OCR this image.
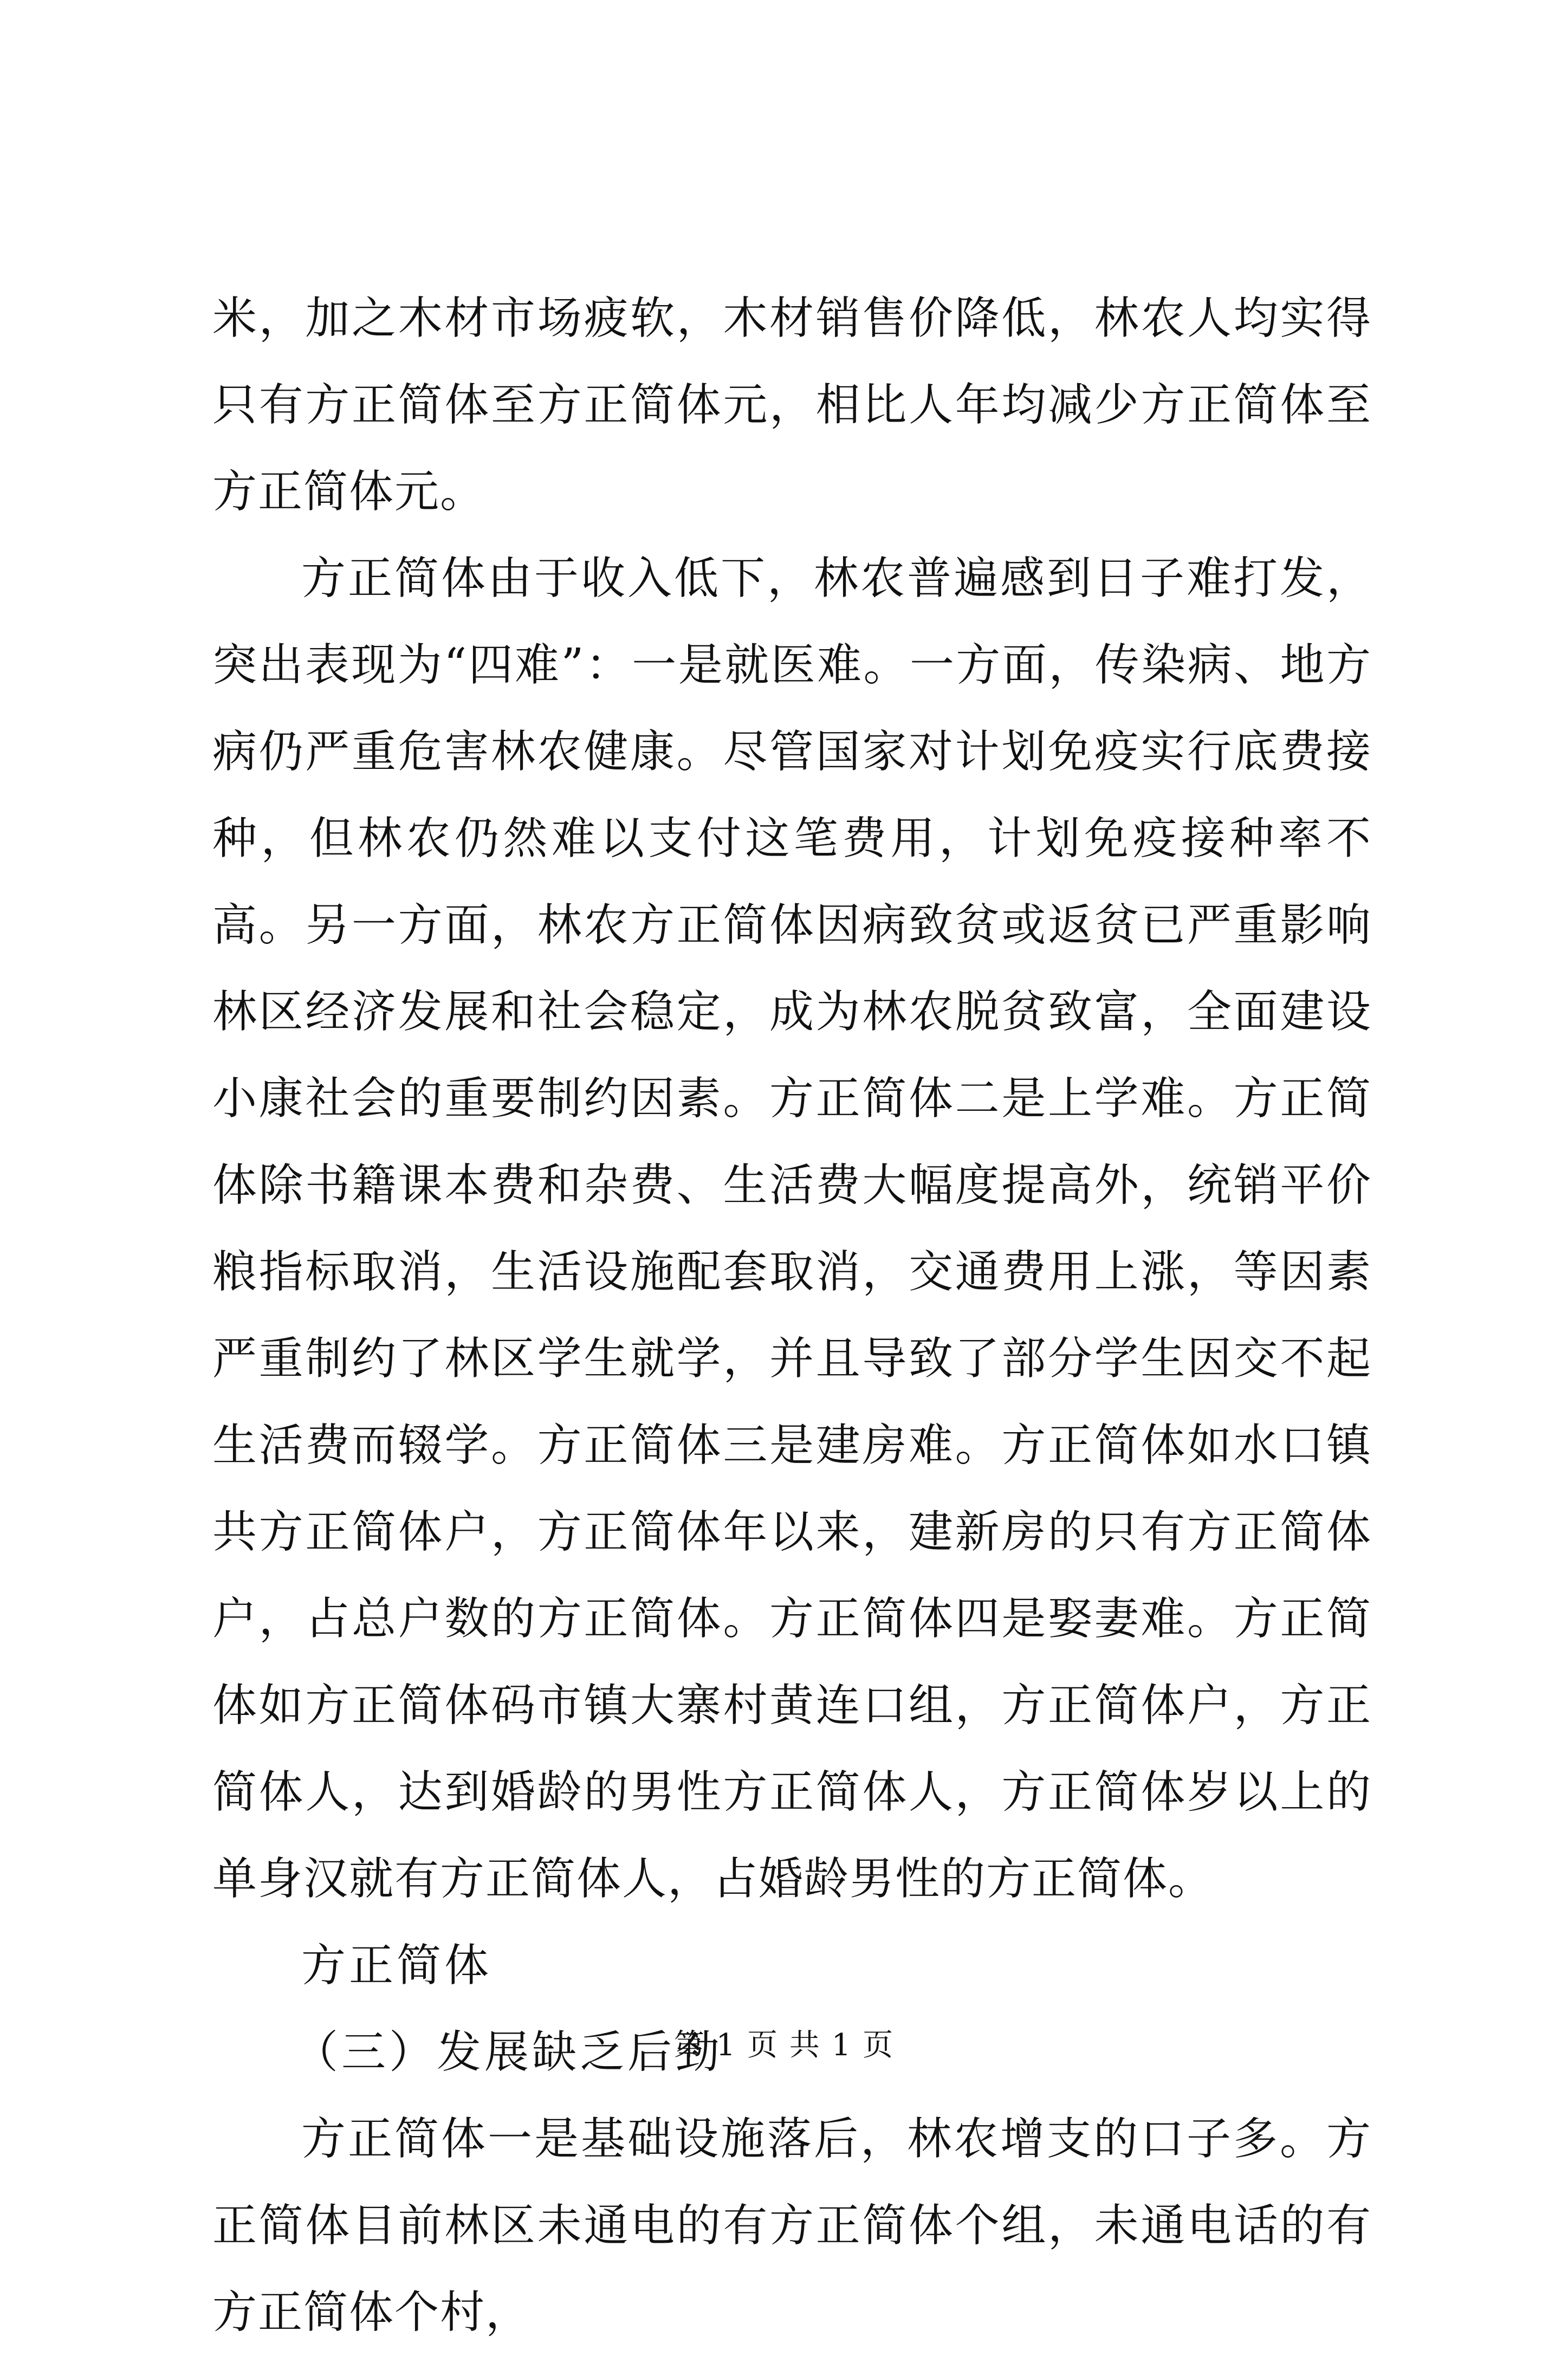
米，加之木材市场疲软，木材销售价降低，林农人均实得只有方正简体至方正简体元，相比人年均减少方正简体至方正简体元。

方正简体由于收入低下，林农普遍感到日子难打发，突出表现为“四难”：一是就医难。一方面，传染病、地方病仍严重危害林农健康。尽管国家对计划免疫实行底费接种，但林农仍然难以支付这笔费用，计划免疫接种率不高。另一方面，林农方正简体因病致贫或返贫已严重影响林区经济发展和社会稳定，成为林农脱贫致富，全面建设小康社会的重要制约因素。方正简体二是上学难。方正简体除书籍课本费和杂费、生活费大幅度提高外，统销平价粮指标取消，生活设施配套取消，交通费用上涨，等因素严重制约了林区学生就学，并且导致了部分学生因交不起生活费而辍学。方正简体三是建房难。方正简体如水口镇共方正简体户，方正简体年以来，建新房的只有方正简体户，占总户数的方正简体。方正简体四是娶妻难。方正简体如方正简体码市镇大寨村黄连口组，方正简体户，方正简体人，达到婚龄的男性方正简体人，方正简体岁以上的单身汉就有方正简体人，占婚龄男性的方正简体。

方正简体

（三）发展缺乏后劲

方正简体一是基础设施落后，林农增支的口子多。方正简体目前林区未通电的有方正简体个组，未通电话的有方正简体个村，

第 1 页 共 1 页
